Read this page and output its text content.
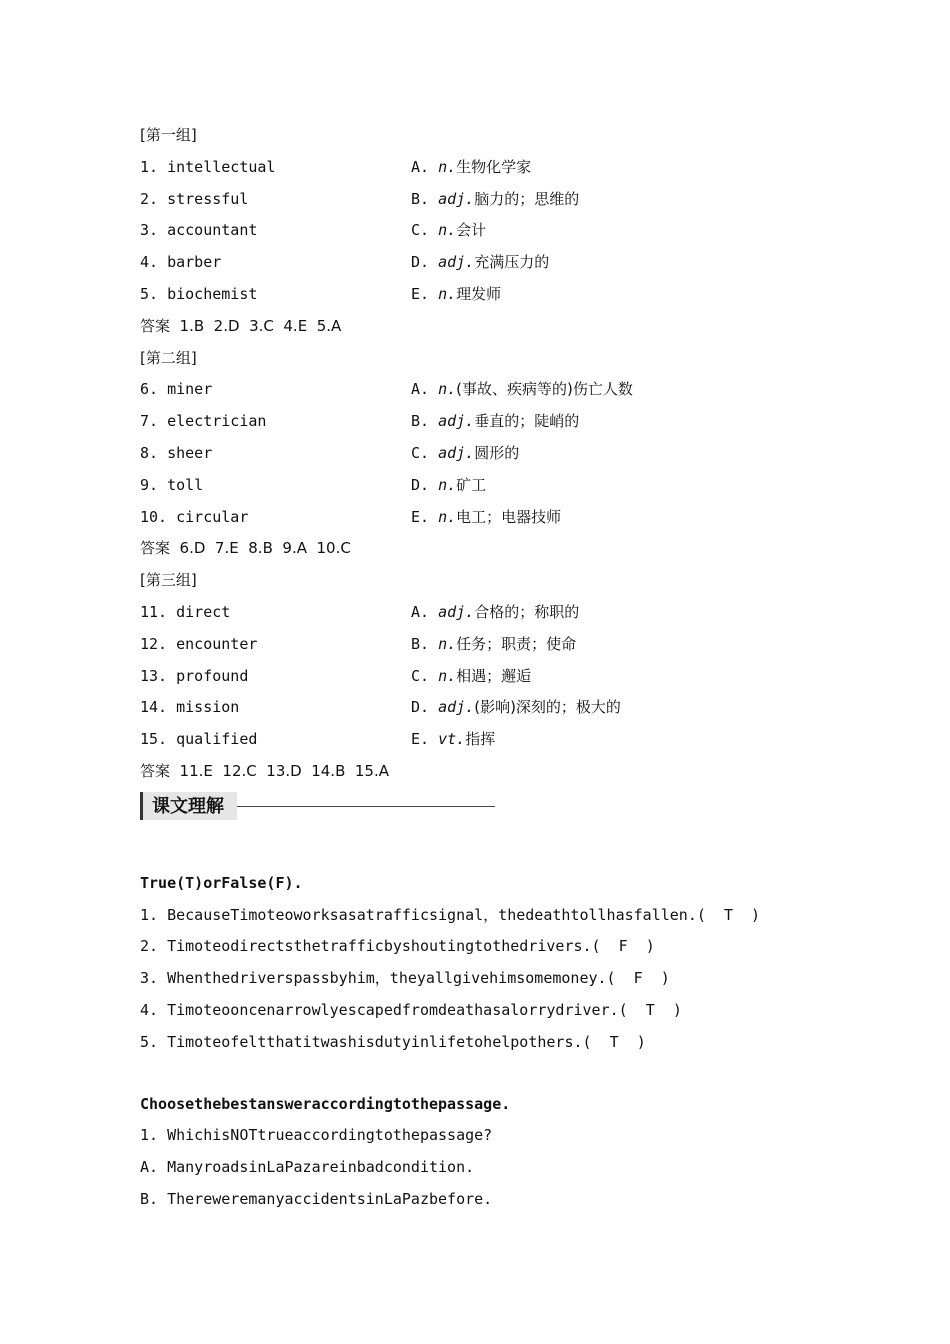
[第一组]
1. intellectual	A. n.生物化学家
2. stressful	B. adj.脑力的；思维的
3. accountant	C. n.会计
4. barber	D. adj.充满压力的
5. biochemist	E. n.理发师
答案  1.B  2.D  3.C  4.E  5.A
[第二组]
6. miner	A. n.(事故、疾病等的)伤亡人数
7. electrician	B. adj.垂直的；陡峭的
8. sheer	C. adj.圆形的
9. toll	D. n.矿工
10. circular	E. n.电工；电器技师
答案  6.D  7.E  8.B  9.A  10.C
[第三组]
11. direct	A. adj.合格的；称职的
12. encounter	B. n.任务；职责；使命
13. profound	C. n.相遇；邂逅
14. mission	D. adj.(影响)深刻的；极大的
15. qualified	E. vt.指挥
答案  11.E  12.C  13.D  14.B  15.A
课文理解
True(T)orFalse(F).
1. BecauseTimoteoworksasatrafficsignal，thedeathtollhasfallen.(  T  )
2. Timoteodirectsthetrafficbyshoutingtothedrivers.(  F  )
3. Whenthedriverspassbyhim，theyallgivehimsomemoney.(  F  )
4. Timoteooncenarrowlyescapedfromdeathasalorrydriver.(  T  )
5. Timoteofeltthatitwashisdutyinlifetohelpothers.(  T  )
Choosethebestansweraccordingtothepassage.
1. WhichisNOTtrueaccordingtothepassage?
A. ManyroadsinLaPazareinbadcondition.
B. ThereweremanyaccidentsinLaPazbefore.
